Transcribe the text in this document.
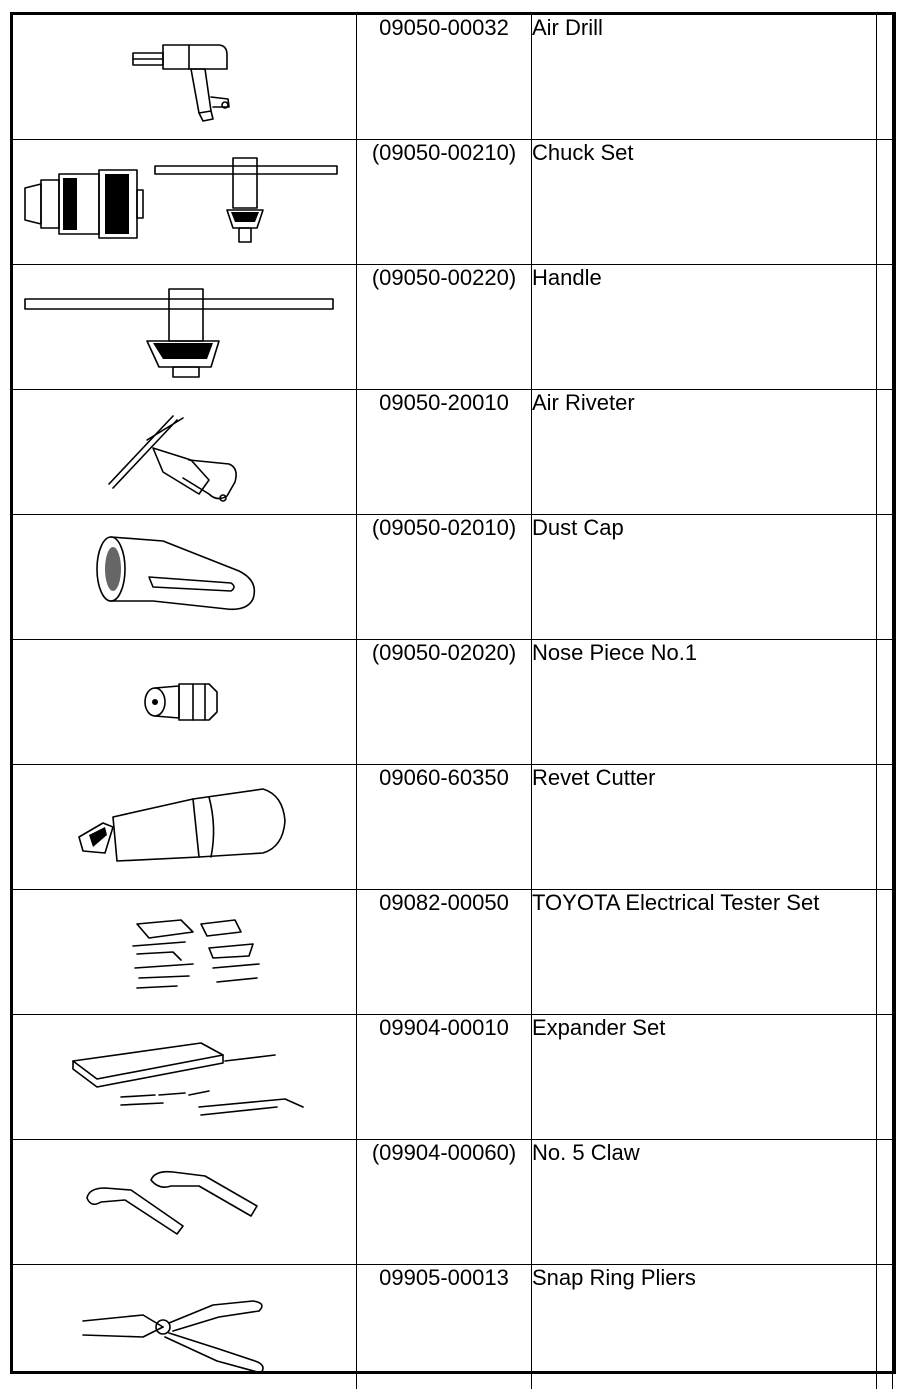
	09050-00032	Air Drill	

	(09050-00210)	Chuck Set	

	(09050-00220)	Handle	

	09050-20010	Air Riveter	

	(09050-02010)	Dust Cap	

	(09050-02020)	Nose Piece No.1	

	09060-60350	Revet Cutter	

	09082-00050	TOYOTA Electrical Tester Set	

	09904-00010	Expander Set	

	(09904-00060)	No. 5 Claw	

	09905-00013	Snap Ring Pliers	
